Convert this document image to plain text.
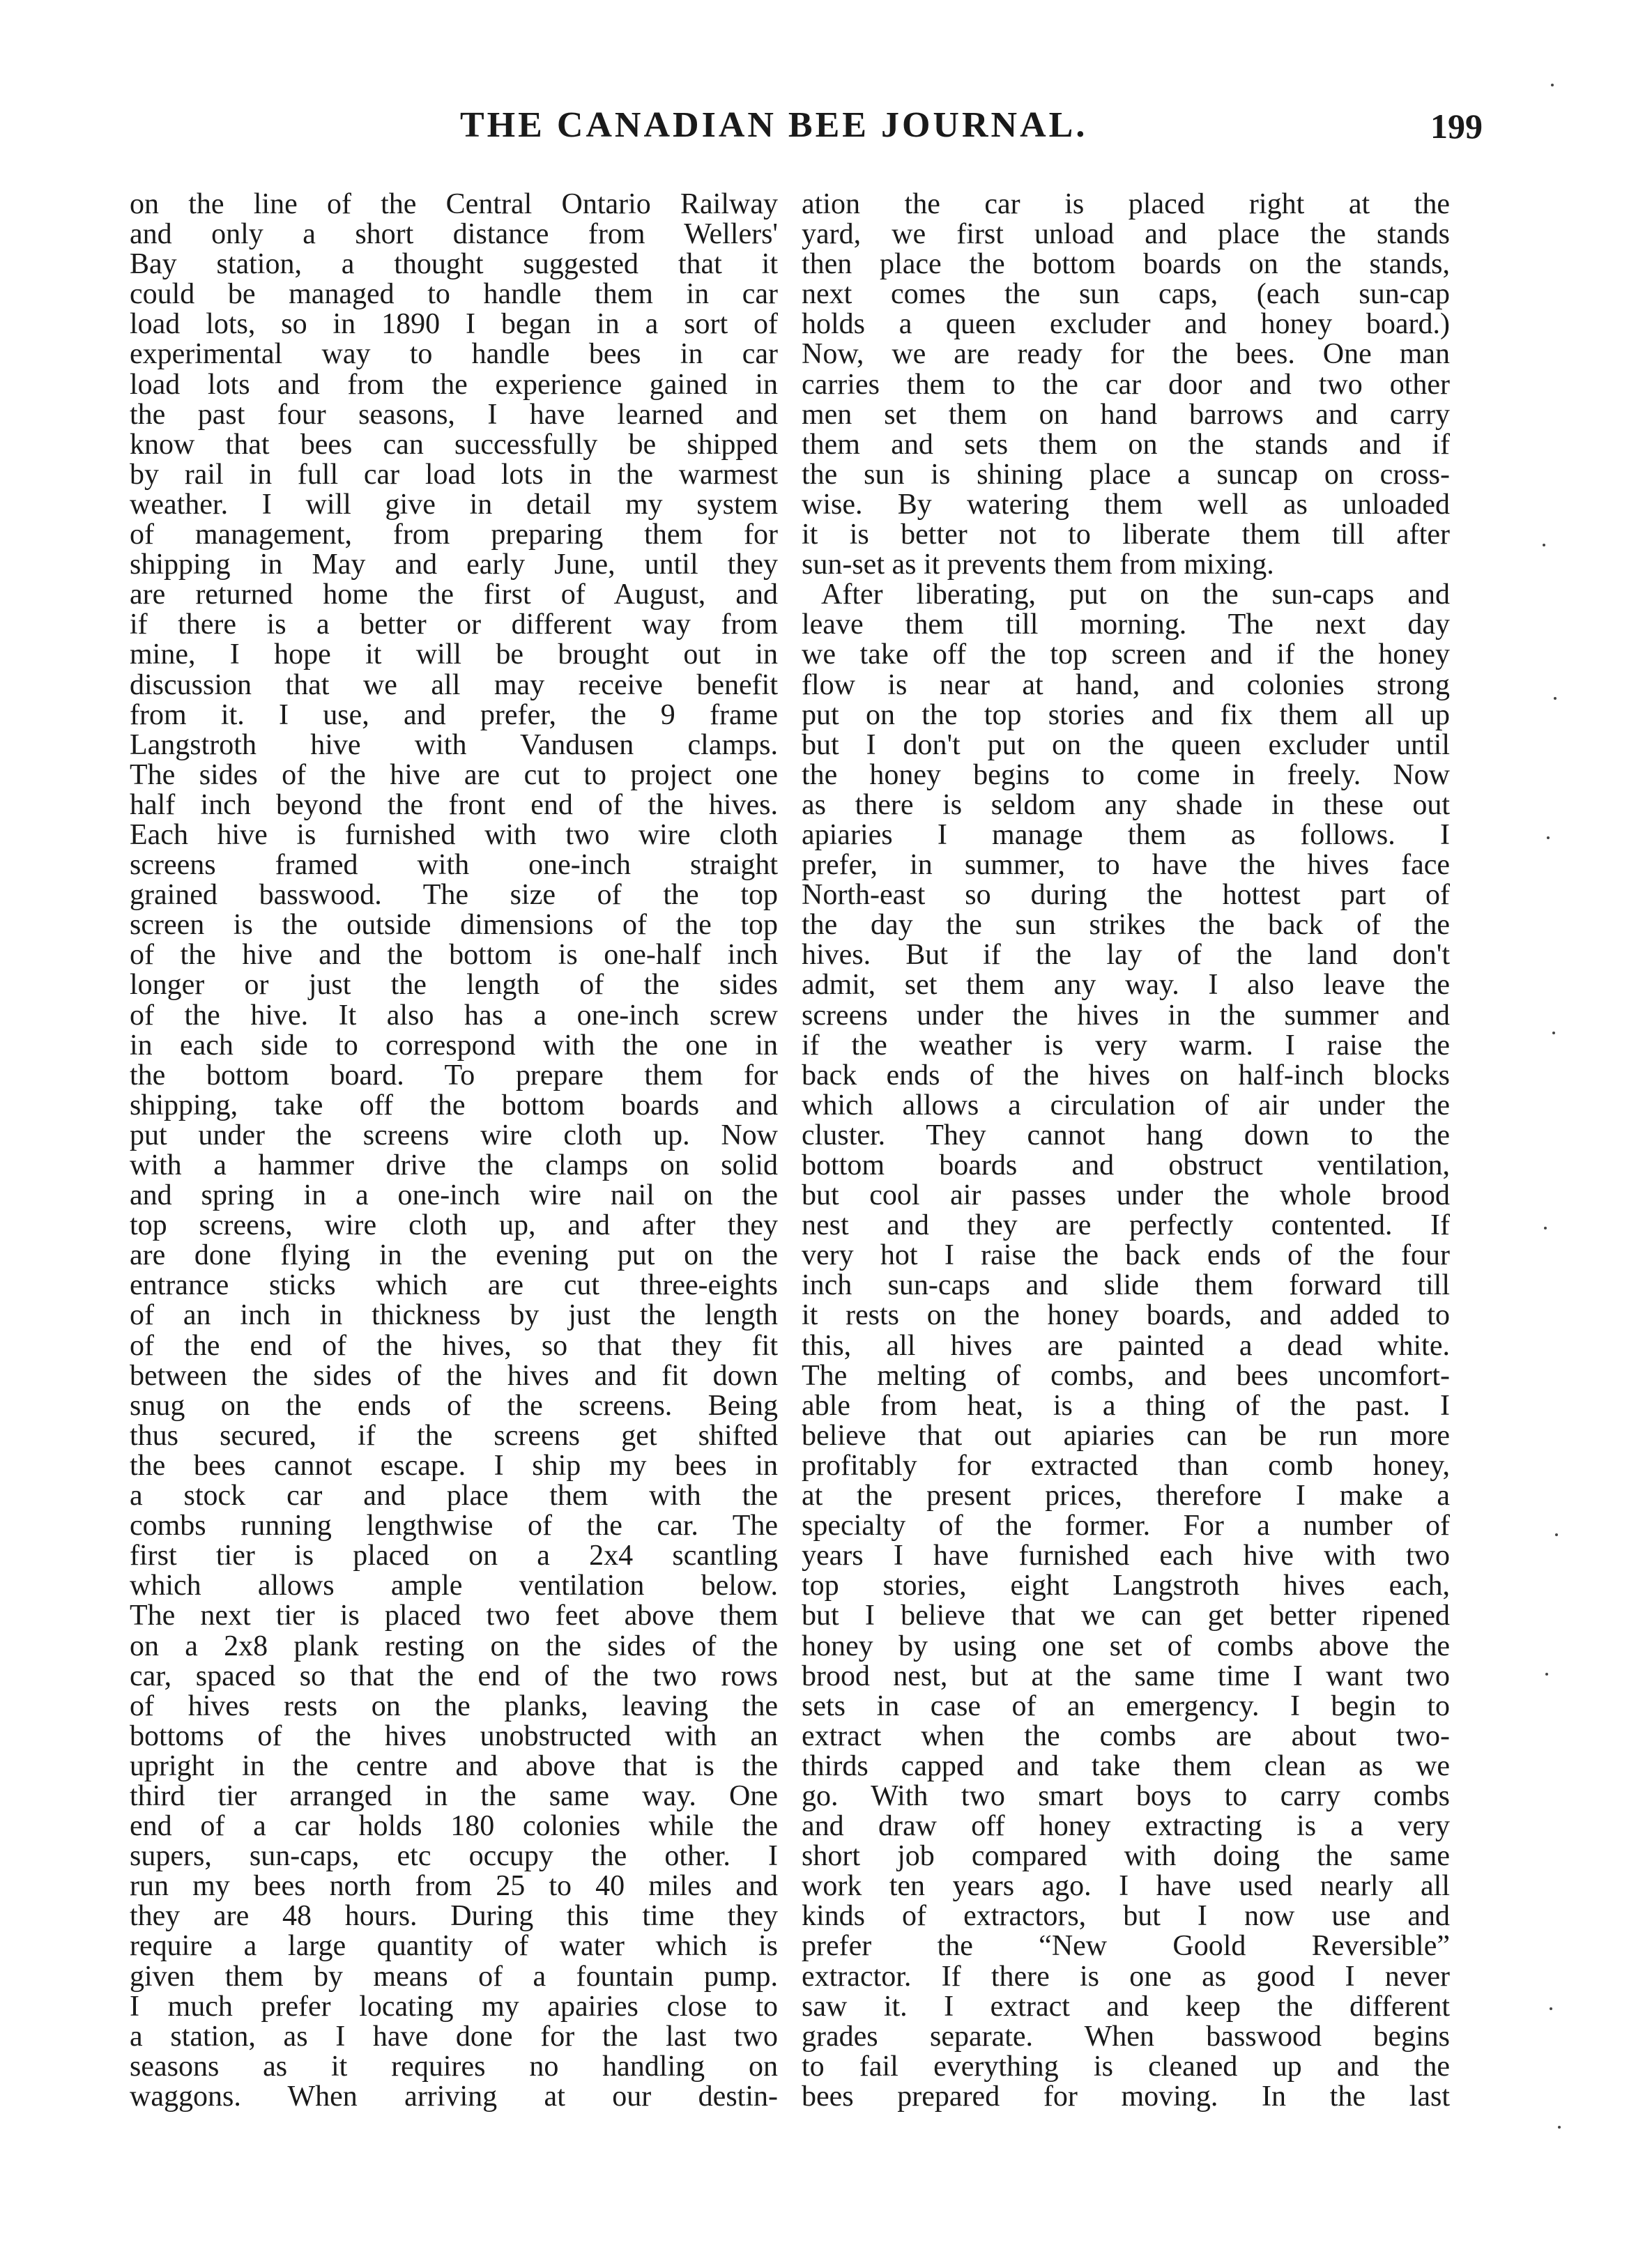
THE CANADIAN BEE JOURNAL.	199
on the line of the Central Ontario Railway
and only a short distance from Wellers'
Bay station, a thought suggested that it
could be managed to handle them in car
load lots, so in 1890 I began in a sort of
experimental way to handle bees in car
load lots and from the experience gained in
the past four seasons, I have learned and
know that bees can successfully be shipped
by rail in full car load lots in the warmest
weather. I will give in detail my system
of management, from preparing them for
shipping in May and early June, until they
are returned home the first of August, and
if there is a better or different way from
mine, I hope it will be brought out in
discussion that we all may receive benefit
from it. I use, and prefer, the 9 frame
Langstroth hive with Vandusen clamps.
The sides of the hive are cut to project one
half inch beyond the front end of the hives.
Each hive is furnished with two wire cloth
screens framed with one-inch straight
grained basswood. The size of the top
screen is the outside dimensions of the top
of the hive and the bottom is one-half inch
longer or just the length of the sides
of the hive. It also has a one-inch screw
in each side to correspond with the one in
the bottom board. To prepare them for
shipping, take off the bottom boards and
put under the screens wire cloth up. Now
with a hammer drive the clamps on solid
and spring in a one-inch wire nail on the
top screens, wire cloth up, and after they
are done flying in the evening put on the
entrance sticks which are cut three-eights
of an inch in thickness by just the length
of the end of the hives, so that they fit
between the sides of the hives and fit down
snug on the ends of the screens. Being
thus secured, if the screens get shifted
the bees cannot escape. I ship my bees in
a stock car and place them with the
combs running lengthwise of the car. The
first tier is placed on a 2x4 scantling
which allows ample ventilation below.
The next tier is placed two feet above them
on a 2x8 plank resting on the sides of the
car, spaced so that the end of the two rows
of hives rests on the planks, leaving the
bottoms of the hives unobstructed with an
upright in the centre and above that is the
third tier arranged in the same way. One
end of a car holds 180 colonies while the
supers, sun-caps, etc occupy the other. I
run my bees north from 25 to 40 miles and
they are 48 hours. During this time they
require a large quantity of water which is
given them by means of a fountain pump.
I much prefer locating my apairies close to
a station, as I have done for the last two
seasons as it requires no handling on
waggons. When arriving at our destin-
ation the car is placed right at the
yard, we first unload and place the stands
then place the bottom boards on the stands,
next comes the sun caps, (each sun-cap
holds a queen excluder and honey board.)
Now, we are ready for the bees. One man
carries them to the car door and two other
men set them on hand barrows and carry
them and sets them on the stands and if
the sun is shining place a suncap on cross-
wise. By watering them well as unloaded
it is better not to liberate them till after
sun-set as it prevents them from mixing.
After liberating, put on the sun-caps and
leave them till morning. The next day
we take off the top screen and if the honey
flow is near at hand, and colonies strong
put on the top stories and fix them all up
but I don't put on the queen excluder until
the honey begins to come in freely. Now
as there is seldom any shade in these out
apiaries I manage them as follows. I
prefer, in summer, to have the hives face
North-east so during the hottest part of
the day the sun strikes the back of the
hives. But if the lay of the land don't
admit, set them any way. I also leave the
screens under the hives in the summer and
if the weather is very warm. I raise the
back ends of the hives on half-inch blocks
which allows a circulation of air under the
cluster. They cannot hang down to the
bottom boards and obstruct ventilation,
but cool air passes under the whole brood
nest and they are perfectly contented. If
very hot I raise the back ends of the four
inch sun-caps and slide them forward till
it rests on the honey boards, and added to
this, all hives are painted a dead white.
The melting of combs, and bees uncomfort-
able from heat, is a thing of the past. I
believe that out apiaries can be run more
profitably for extracted than comb honey,
at the present prices, therefore I make a
specialty of the former. For a number of
years I have furnished each hive with two
top stories, eight Langstroth hives each,
but I believe that we can get better ripened
honey by using one set of combs above the
brood nest, but at the same time I want two
sets in case of an emergency. I begin to
extract when the combs are about two-
thirds capped and take them clean as we
go. With two smart boys to carry combs
and draw off honey extracting is a very
short job compared with doing the same
work ten years ago. I have used nearly all
kinds of extractors, but I now use and
prefer the “New Goold Reversible”
extractor. If there is one as good I never
saw it. I extract and keep the different
grades separate. When basswood begins
to fail everything is cleaned up and the
bees prepared for moving. In the last
